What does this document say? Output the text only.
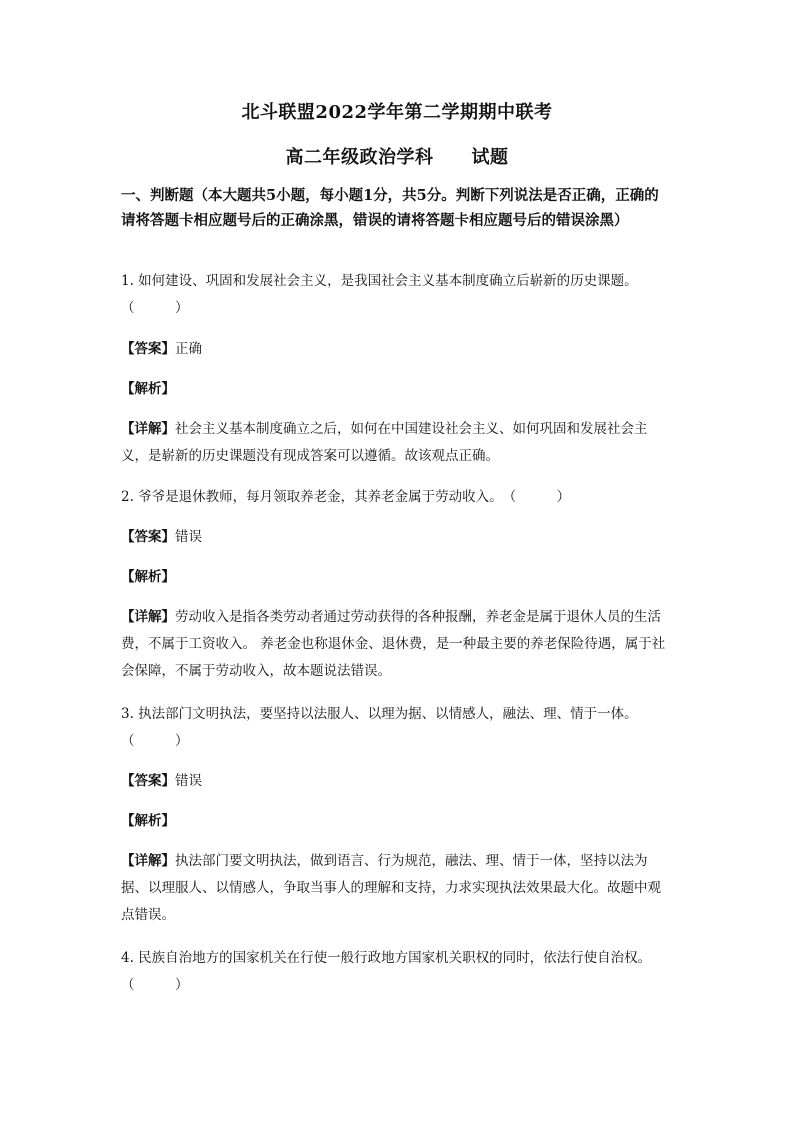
北斗联盟2022学年第二学期期中联考
高二年级政治学科 试题
一、判断题（本大题共5小题，每小题1分，共5分。判断下列说法是否正确，正确的请将答题卡相应题号后的正确涂黑，错误的请将答题卡相应题号后的错误涂黑）
1. 如何建设、巩固和发展社会主义，是我国社会主义基本制度确立后崭新的历史课题。
（　　　）
【答案】正确
【解析】
【详解】社会主义基本制度确立之后，如何在中国建设社会主义、如何巩固和发展社会主义，是崭新的历史课题没有现成答案可以遵循。故该观点正确。
2. 爷爷是退休教师，每月领取养老金，其养老金属于劳动收入。（　　　）
【答案】错误
【解析】
【详解】劳动收入是指各类劳动者通过劳动获得的各种报酬，养老金是属于退休人员的生活费，不属于工资收入。 养老金也称退休金、退休费，是一种最主要的养老保险待遇，属于社会保障，不属于劳动收入，故本题说法错误。
3. 执法部门文明执法，要坚持以法服人、以理为据、以情感人，融法、理、情于一体。
（　　　）
【答案】错误
【解析】
【详解】执法部门要文明执法，做到语言、行为规范，融法、理、情于一体，坚持以法为据、以理服人、以情感人，争取当事人的理解和支持，力求实现执法效果最大化。故题中观点错误。
4. 民族自治地方的国家机关在行使一般行政地方国家机关职权的同时，依法行使自治权。
（　　　）
